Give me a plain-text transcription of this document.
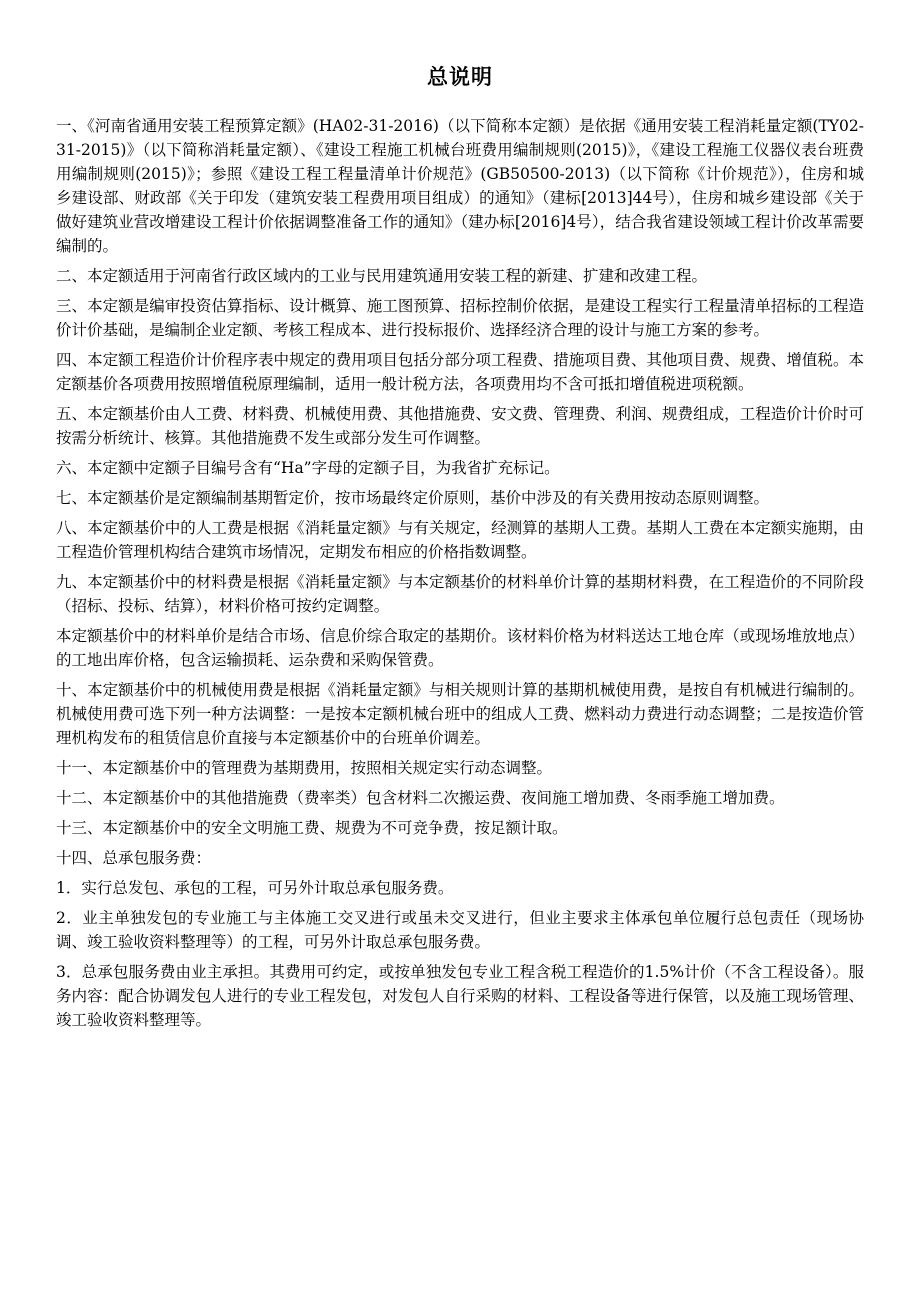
总说明

一、《河南省通用安装工程预算定额》(HA02-31-2016)（以下简称本定额）是依据《通用安装工程消耗量定额(TY02-31-2015)》（以下简称消耗量定额）、《建设工程施工机械台班费用编制规则(2015)》，《建设工程施工仪器仪表台班费用编制规则(2015)》；参照《建设工程工程量清单计价规范》(GB50500-2013)（以下简称《计价规范》），住房和城乡建设部、财政部《关于印发（建筑安装工程费用项目组成）的通知》（建标[2013]44号），住房和城乡建设部《关于做好建筑业营改增建设工程计价依据调整准备工作的通知》（建办标[2016]4号），结合我省建设领域工程计价改革需要编制的。

二、本定额适用于河南省行政区域内的工业与民用建筑通用安装工程的新建、扩建和改建工程。

三、本定额是编审投资估算指标、设计概算、施工图预算、招标控制价依据，是建设工程实行工程量清单招标的工程造价计价基础，是编制企业定额、考核工程成本、进行投标报价、选择经济合理的设计与施工方案的参考。

四、本定额工程造价计价程序表中规定的费用项目包括分部分项工程费、措施项目费、其他项目费、规费、增值税。本定额基价各项费用按照增值税原理编制，适用一般计税方法，各项费用均不含可抵扣增值税进项税额。

五、本定额基价由人工费、材料费、机械使用费、其他措施费、安文费、管理费、利润、规费组成，工程造价计价时可按需分析统计、核算。其他措施费不发生或部分发生可作调整。

六、本定额中定额子目编号含有“Ha”字母的定额子目，为我省扩充标记。

七、本定额基价是定额编制基期暂定价，按市场最终定价原则，基价中涉及的有关费用按动态原则调整。

八、本定额基价中的人工费是根据《消耗量定额》与有关规定，经测算的基期人工费。基期人工费在本定额实施期，由工程造价管理机构结合建筑市场情况，定期发布相应的价格指数调整。

九、本定额基价中的材料费是根据《消耗量定额》与本定额基价的材料单价计算的基期材料费，在工程造价的不同阶段（招标、投标、结算），材料价格可按约定调整。

本定额基价中的材料单价是结合市场、信息价综合取定的基期价。该材料价格为材料送达工地仓库（或现场堆放地点）的工地出库价格，包含运输损耗、运杂费和采购保管费。

十、本定额基价中的机械使用费是根据《消耗量定额》与相关规则计算的基期机械使用费，是按自有机械进行编制的。机械使用费可选下列一种方法调整：一是按本定额机械台班中的组成人工费、燃料动力费进行动态调整；二是按造价管理机构发布的租赁信息价直接与本定额基价中的台班单价调差。

十一、本定额基价中的管理费为基期费用，按照相关规定实行动态调整。

十二、本定额基价中的其他措施费（费率类）包含材料二次搬运费、夜间施工增加费、冬雨季施工增加费。

十三、本定额基价中的安全文明施工费、规费为不可竞争费，按足额计取。

十四、总承包服务费：

1．实行总发包、承包的工程，可另外计取总承包服务费。

2．业主单独发包的专业施工与主体施工交叉进行或虽未交叉进行，但业主要求主体承包单位履行总包责任（现场协调、竣工验收资料整理等）的工程，可另外计取总承包服务费。

3．总承包服务费由业主承担。其费用可约定，或按单独发包专业工程含税工程造价的1.5%计价（不含工程设备）。服务内容：配合协调发包人进行的专业工程发包，对发包人自行采购的材料、工程设备等进行保管，以及施工现场管理、竣工验收资料整理等。
